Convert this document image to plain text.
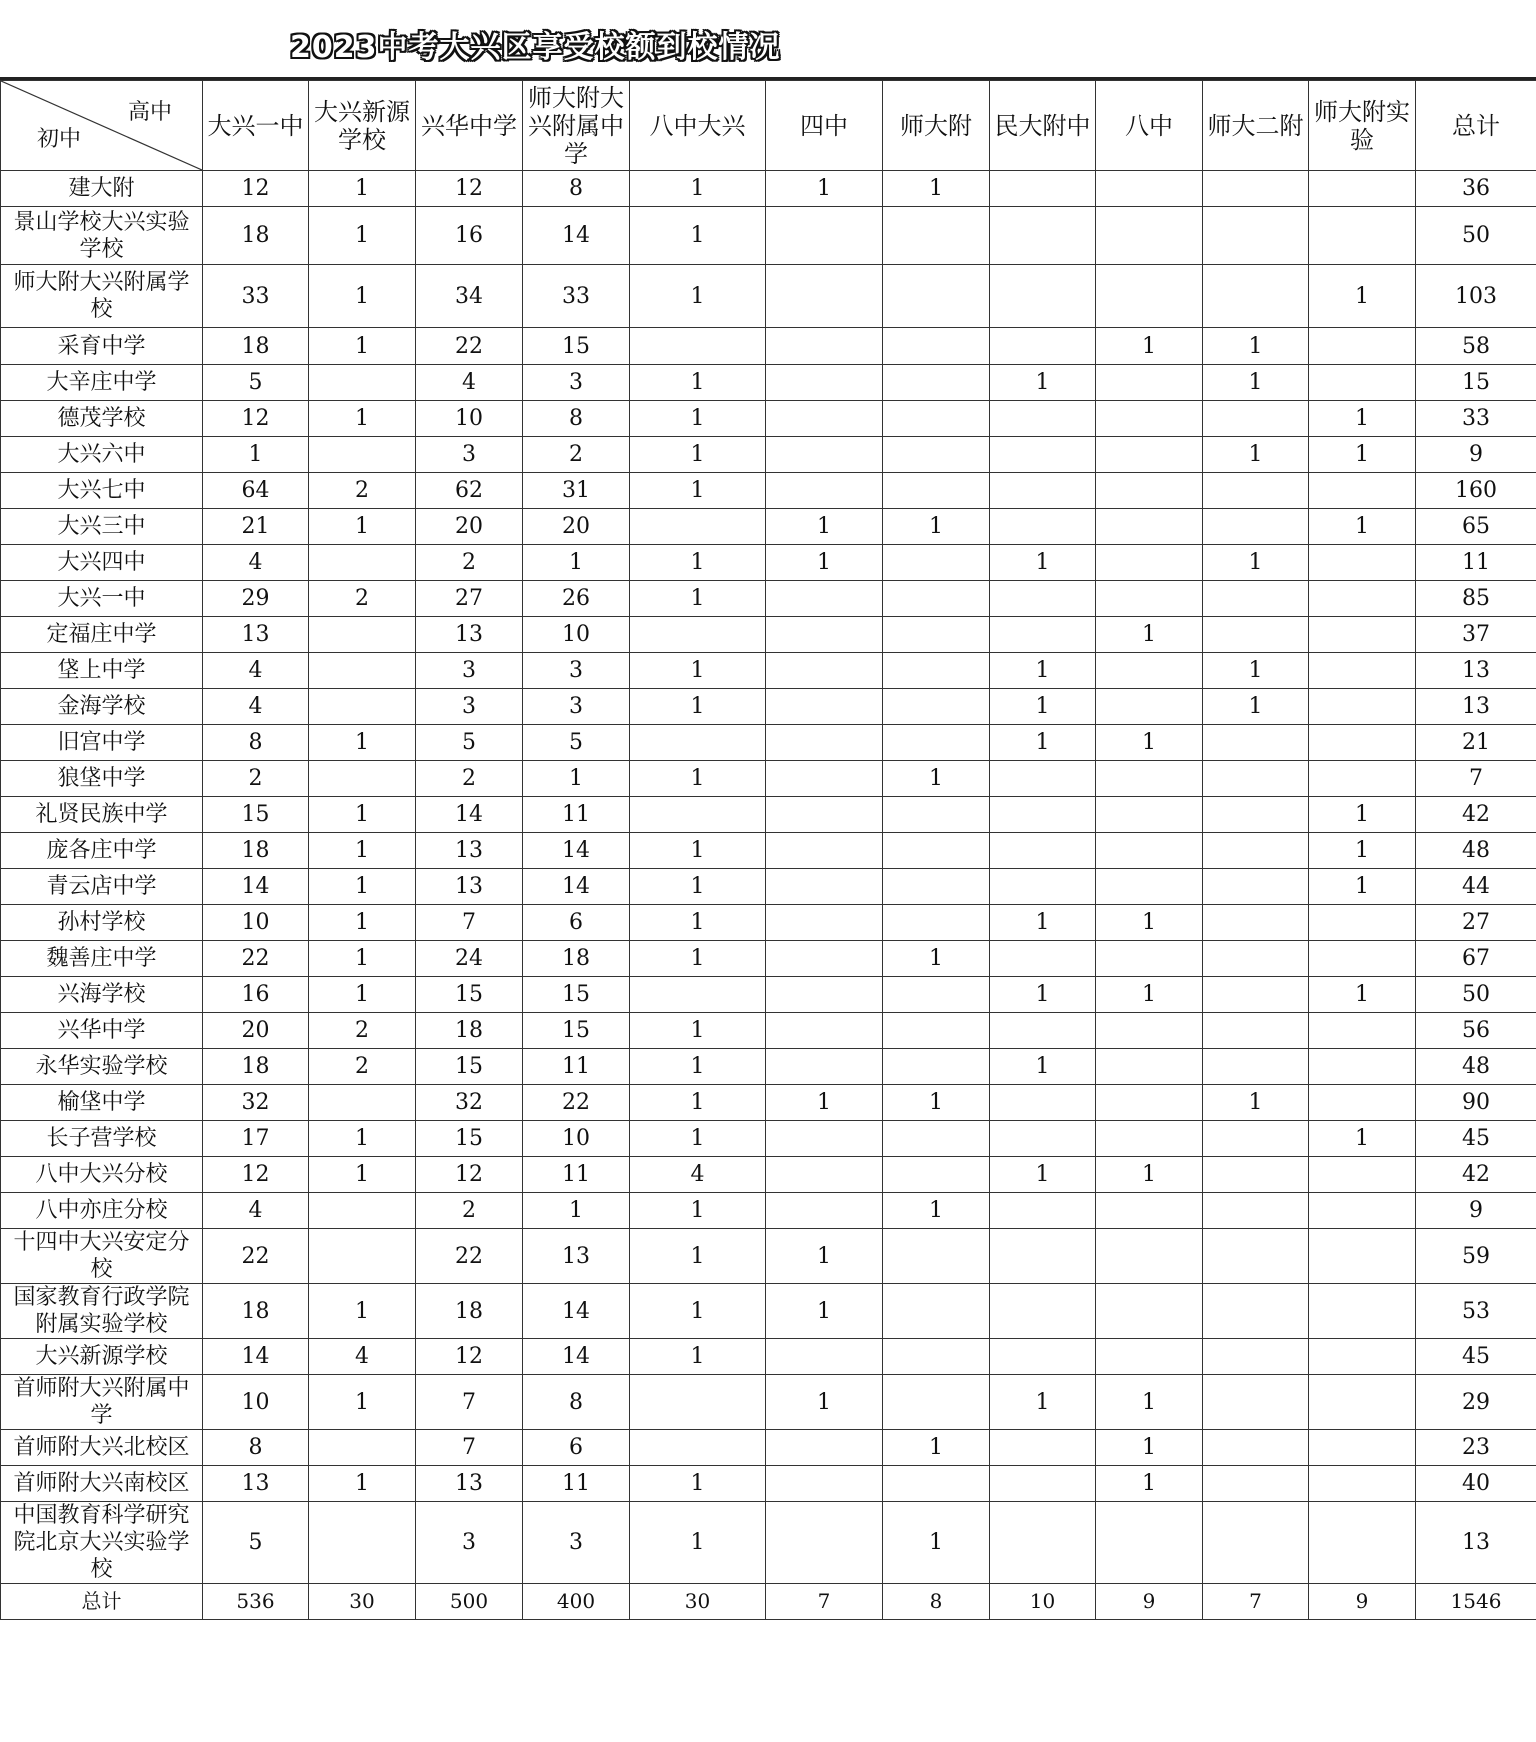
2023中考大兴区享受校额到校情况
高中
初中	大兴一中	大兴新源学校	兴华中学	师大附大兴附属中学	八中大兴	四中	师大附	民大附中	八中	师大二附	师大附实验	总计
建大附	12	1	12	8	1	1	1					36
景山学校大兴实验学校	18	1	16	14	1							50
师大附大兴附属学校	33	1	34	33	1						1	103
采育中学	18	1	22	15					1	1		58
大辛庄中学	5		4	3	1			1		1		15
德茂学校	12	1	10	8	1						1	33
大兴六中	1		3	2	1					1	1	9
大兴七中	64	2	62	31	1							160
大兴三中	21	1	20	20		1	1				1	65
大兴四中	4		2	1	1	1		1		1		11
大兴一中	29	2	27	26	1							85
定福庄中学	13		13	10					1			37
垡上中学	4		3	3	1			1		1		13
金海学校	4		3	3	1			1		1		13
旧宫中学	8	1	5	5				1	1			21
狼垡中学	2		2	1	1		1					7
礼贤民族中学	15	1	14	11							1	42
庞各庄中学	18	1	13	14	1						1	48
青云店中学	14	1	13	14	1						1	44
孙村学校	10	1	7	6	1			1	1			27
魏善庄中学	22	1	24	18	1		1					67
兴海学校	16	1	15	15				1	1		1	50
兴华中学	20	2	18	15	1							56
永华实验学校	18	2	15	11	1			1				48
榆垡中学	32		32	22	1	1	1			1		90
长子营学校	17	1	15	10	1						1	45
八中大兴分校	12	1	12	11	4			1	1			42
八中亦庄分校	4		2	1	1		1					9
十四中大兴安定分校	22		22	13	1	1						59
国家教育行政学院附属实验学校	18	1	18	14	1	1						53
大兴新源学校	14	4	12	14	1							45
首师附大兴附属中学	10	1	7	8		1		1	1			29
首师附大兴北校区	8		7	6			1		1			23
首师附大兴南校区	13	1	13	11	1				1			40
中国教育科学研究院北京大兴实验学校	5		3	3	1		1					13
总计	536	30	500	400	30	7	8	10	9	7	9	1546
